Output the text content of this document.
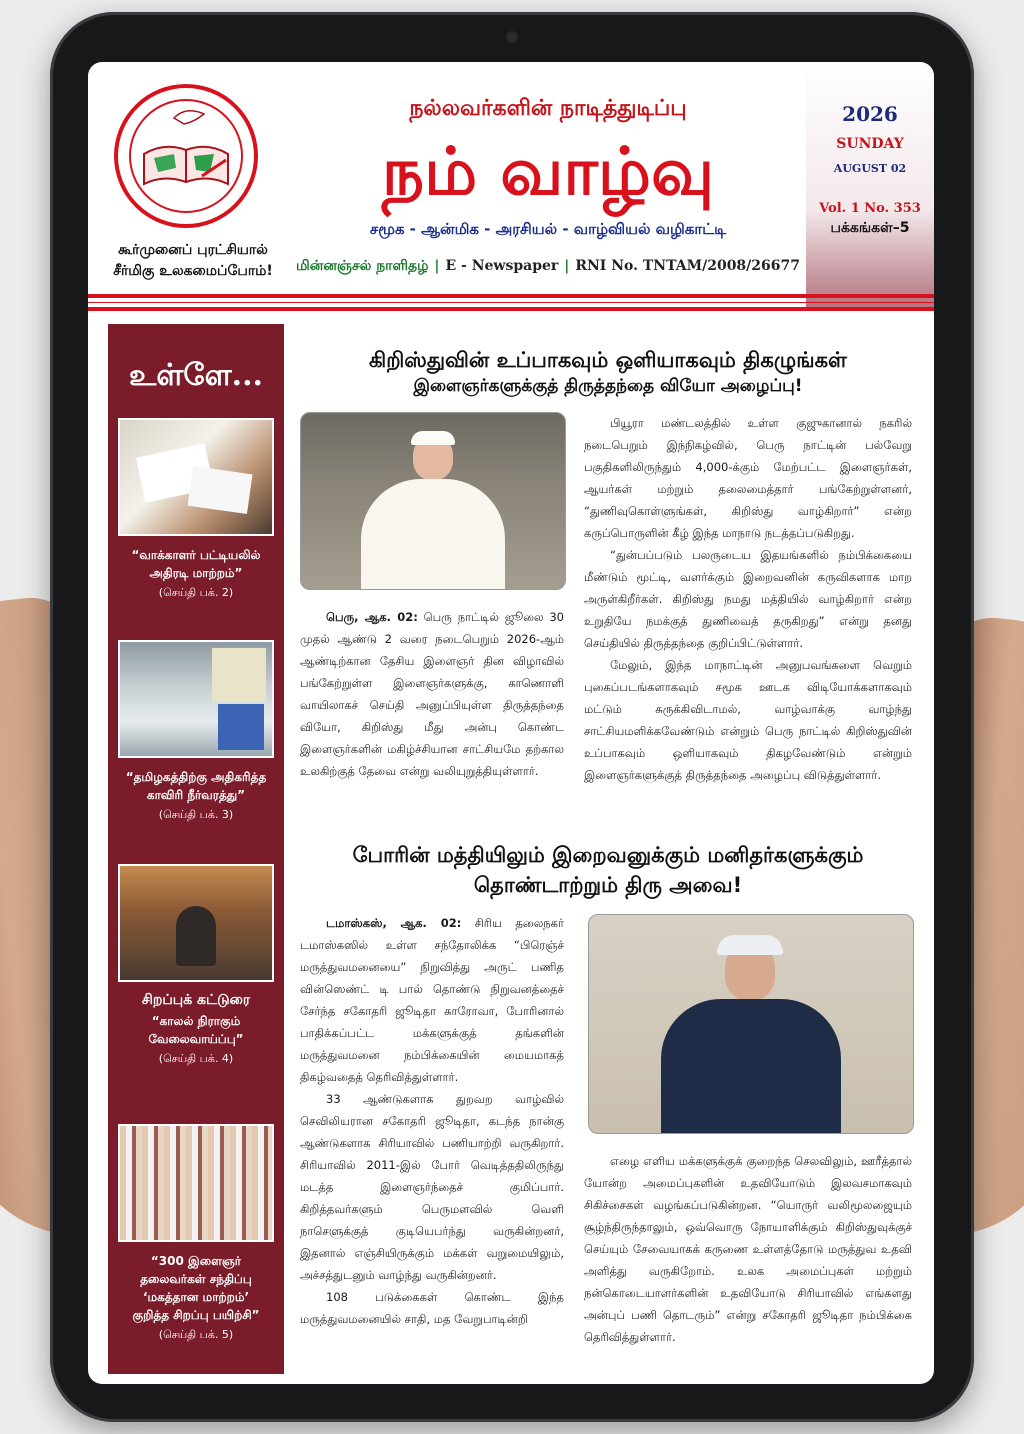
கூர்முனைப் புரட்சியால்
சீர்மிகு உலகமைப்போம்!
நல்லவர்களின் நாடித்துடிப்பு
நம் வாழ்வு
சமூக - ஆன்மிக - அரசியல் - வாழ்வியல் வழிகாட்டி
மின்னஞ்சல் நாளிதழ் | E - Newspaper | RNI No. TNTAM/2008/26677
2026
SUNDAY
AUGUST 02
Vol. 1 No. 353
பக்கங்கள்–5
உள்ளே...
“வாக்காளர் பட்டியலில்
அதிரடி மாற்றம்”
(செய்தி பக். 2)
“தமிழகத்திற்கு அதிகரித்த
காவிரி நீர்வரத்து”
(செய்தி பக். 3)
சிறப்புக் கட்டுரை
“காலல் நிராகும்
வேலைவாய்ப்பு”
(செய்தி பக். 4)
“300 இளைஞர்
தலைவர்கள் சந்திப்பு
‘மகத்தான மாற்றம்’
குறித்த சிறப்பு பயிற்சி”
(செய்தி பக். 5)
கிறிஸ்துவின் உப்பாகவும் ஒளியாகவும் திகழுங்கள்
இளைஞர்களுக்குத் திருத்தந்தை வியோ அழைப்பு!

பெரு, ஆக. 02: பெரு நாட்டில் ஜூலை 30 முதல் ஆண்டு 2 வரை நடைபெறும் 2026-ஆம் ஆண்டிற்கான தேசிய இளைஞர் தின விழாவில் பங்கேற்றுள்ள இளைஞர்களுக்கு, காணொளி வாயிலாகச் செய்தி அனுப்பியுள்ள திருத்தந்தை வியோ, கிறிஸ்து மீது அன்பு கொண்ட இளைஞர்களின் மகிழ்ச்சியான சாட்சியமே தற்கால உலகிற்குத் தேவை என்று வலியுறுத்தியுள்ளார்.

பியூரா மண்டலத்தில் உள்ள குஜுகானால் நகரில் நடைபெறும் இந்நிகழ்வில், பெரு நாட்டின் பல்வேறு பகுதிகளிலிருந்தும் 4,000-க்கும் மேற்பட்ட இளைஞர்கள், ஆயர்கள் மற்றும் தலைமைத்தார் பங்கேற்றுள்ளனர், “துணிவுகொள்ளுங்கள், கிறிஸ்து வாழ்கிறார்” என்ற கருப்பொருளின் கீழ் இந்த மாநாடு நடத்தப்படுகிறது.

“துன்பப்படும் பலருடைய இதயங்களில் நம்பிக்கையை மீண்டும் மூட்டி, வளர்க்கும் இறைவனின் கருவிகளாக மாற அருள்கிறீர்கள். கிறிஸ்து நமது மத்தியில் வாழ்கிறார் என்ற உறுதியே நமக்குத் துணிவைத் தருகிறது” என்று தனது செய்தியில் திருத்தந்தை குறிப்பிட்டுள்ளார்.

மேலும், இந்த மாநாட்டின் அனுபவங்களை வெறும் புகைப்படங்களாகவும் சமூக ஊடக விடியோக்களாகவும் மட்டும் சுருக்கிவிடாமல், வாழ்வாக்கு வாழ்ந்து சாட்சியமளிக்கவேண்டும் என்றும் பெரு நாட்டில் கிறிஸ்துவின் உப்பாகவும் ஒளியாகவும் திகழவேண்டும் என்றும் இளைஞர்களுக்குத் திருத்தந்தை அழைப்பு விடுத்துள்ளார்.

போரின் மத்தியிலும் இறைவனுக்கும் மனிதர்களுக்கும்
தொண்டாற்றும் திரு அவை!

டமாஸ்கஸ், ஆக. 02: சிரிய தலைநகர் டமாஸ்கஸில் உள்ள சந்தோலிக்க “பிரெஞ்ச் மருத்துவமனையை” நிறுவித்து அருட் பணித வின்ஸெண்ட் டி பால் தொண்டு நிறுவனத்தைச் சேர்ந்த சகோதரி ஜூடிதா காரோவா, போரினால் பாதிக்கப்பட்ட மக்களுக்குத் தங்களின் மருத்துவமனை நம்பிக்கையின் மையமாகத் திகழ்வதைத் தெரிவித்துள்ளார்.

33 ஆண்டுகளாக துறவற வாழ்வில் செவிலியரான சகோதரி ஜூடிதா, கடந்த நான்கு ஆண்டுகளாக சிரியாவில் பணியாற்றி வருகிறார். சிரியாவில் 2011-இல் போர் வெடித்ததிலிருந்து மடத்த இளைஞர்ந்தைச் குமிப்பார். கிறித்தவர்களும் பெருமளவில் வெளி நாசெளுக்குத் குடியெபர்ந்து வருகின்றனர், இதனால் எஞ்சியிருக்கும் மக்கள் வறுமையிலும், அச்சத்துடனும் வாழ்ந்து வருகின்றனர்.

108 படுக்கைகள் கொண்ட இந்த மருத்துவமனையில் சாதி, மத வேறுபாடின்றி

எழை எளிய மக்களுக்குக் குறைந்த செலவிலும், ஊரீத்தால் யோன்ற அமைப்புகளின் உதவியோடும் இலவசமாகவும் சிகிச்சைகள் வழங்கப்படுகின்றன. “யொருர் வலிமூலஜையும் சூழ்ந்திருந்தாலும், ஒவ்வொரு நோயாளிக்கும் கிறிஸ்துவுக்குச் செய்யும் சேவையாகக் கருணை உள்ளத்தோடு மருத்துவ உதவி அளித்து வருகிறோம். உலக அமைப்புகள் மற்றும் நன்கொடையாளர்களின் உதவியோடு சிரியாவில் எங்களது அன்புப் பணி தொடரும்” என்று சகோதரி ஜூடிதா நம்பிக்கை தெரிவித்துள்ளார்.
